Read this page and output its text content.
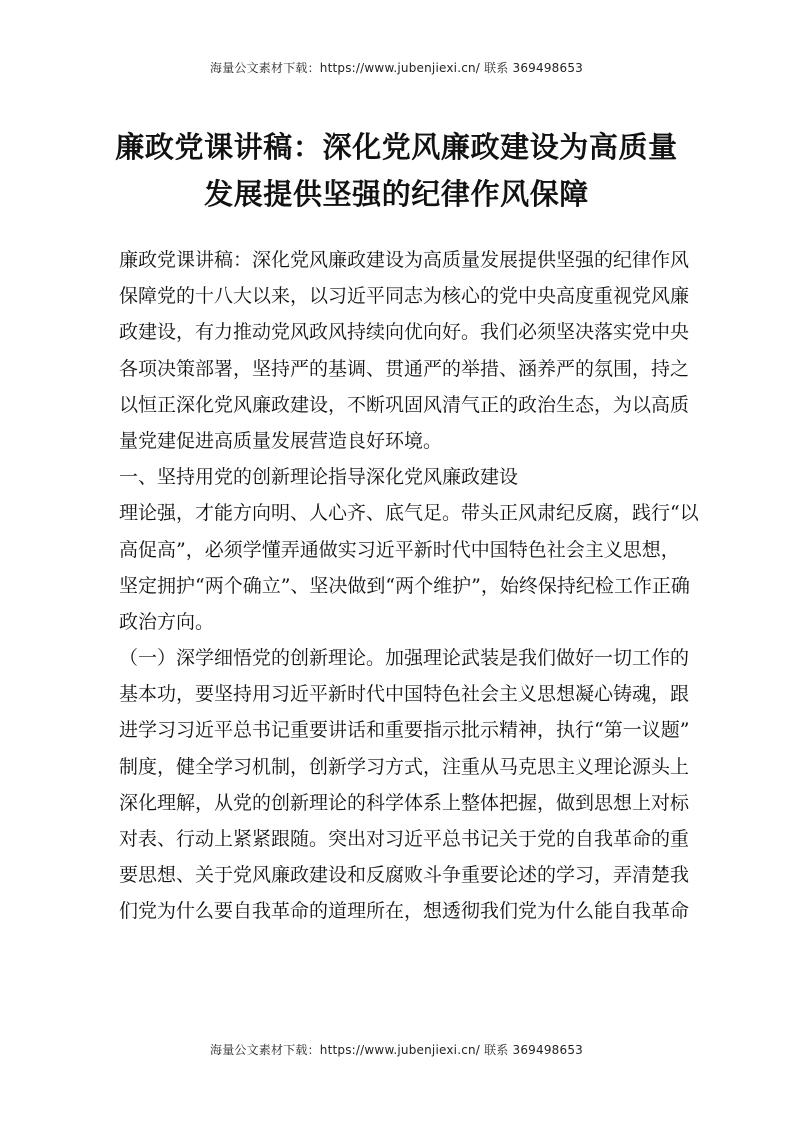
海量公文素材下载：https://www.jubenjiexi.cn/ 联系 369498653
廉政党课讲稿：深化党风廉政建设为高质量
发展提供坚强的纪律作风保障
廉政党课讲稿：深化党风廉政建设为高质量发展提供坚强的纪律作风
保障党的十八大以来，以习近平同志为核心的党中央高度重视党风廉
政建设，有力推动党风政风持续向优向好。我们必须坚决落实党中央
各项决策部署，坚持严的基调、贯通严的举措、涵养严的氛围，持之
以恒正深化党风廉政建设，不断巩固风清气正的政治生态，为以高质
量党建促进高质量发展营造良好环境。
一、坚持用党的创新理论指导深化党风廉政建设
理论强，才能方向明、人心齐、底气足。带头正风肃纪反腐，践行“以
高促高”，必须学懂弄通做实习近平新时代中国特色社会主义思想，
坚定拥护“两个确立”、坚决做到“两个维护”，始终保持纪检工作正确
政治方向。
（一）深学细悟党的创新理论。加强理论武装是我们做好一切工作的
基本功，要坚持用习近平新时代中国特色社会主义思想凝心铸魂，跟
进学习习近平总书记重要讲话和重要指示批示精神，执行“第一议题”
制度，健全学习机制，创新学习方式，注重从马克思主义理论源头上
深化理解，从党的创新理论的科学体系上整体把握，做到思想上对标
对表、行动上紧紧跟随。突出对习近平总书记关于党的自我革命的重
要思想、关于党风廉政建设和反腐败斗争重要论述的学习，弄清楚我
们党为什么要自我革命的道理所在，想透彻我们党为什么能自我革命
海量公文素材下载：https://www.jubenjiexi.cn/ 联系 369498653
